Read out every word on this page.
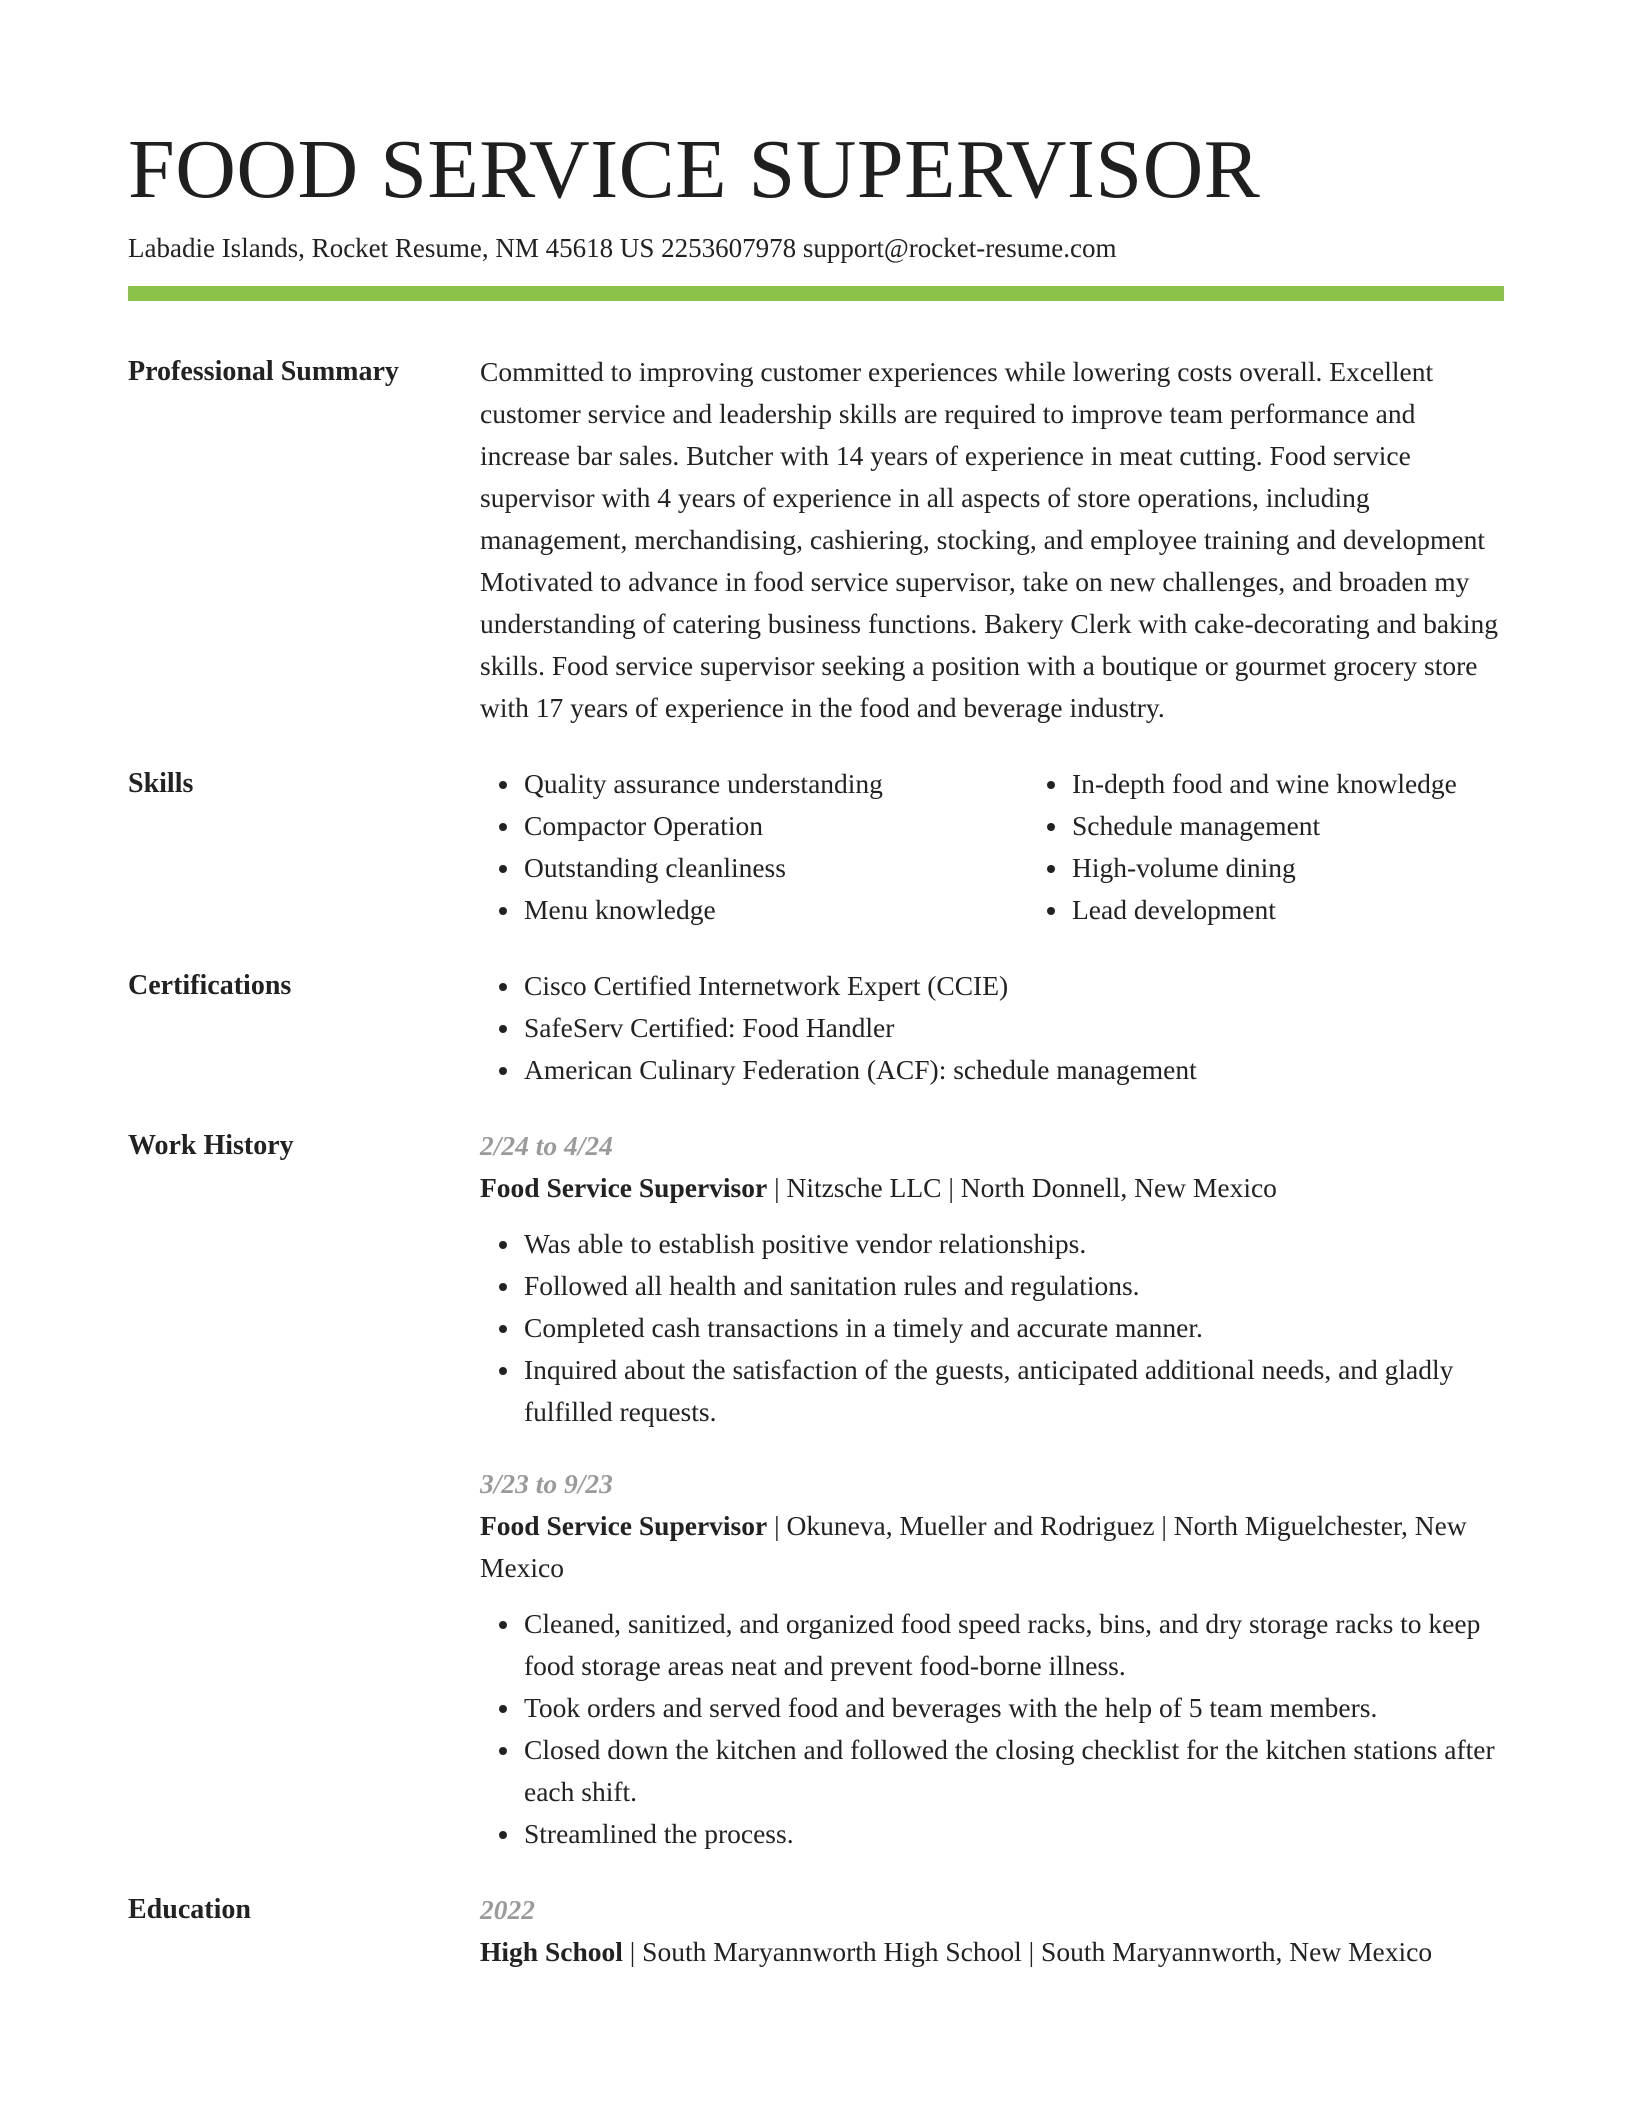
FOOD SERVICE SUPERVISOR
Labadie Islands, Rocket Resume, NM 45618 US 2253607978 support@rocket-resume.com
Professional Summary	Committed to improving customer experiences while lowering costs overall. Excellent customer service and leadership skills are required to improve team performance and increase bar sales. Butcher with 14 years of experience in meat cutting. Food service supervisor with 4 years of experience in all aspects of store operations, including management, merchandising, cashiering, stocking, and employee training and development Motivated to advance in food service supervisor, take on new challenges, and broaden my understanding of catering business functions. Bakery Clerk with cake-decorating and baking skills. Food service supervisor seeking a position with a boutique or gourmet grocery store with 17 years of experience in the food and beverage industry.

Skills	Quality assurance understanding
Compactor Operation
Outstanding cleanliness
Menu knowledge
In-depth food and wine knowledge
Schedule management
High-volume dining
Lead development
Certifications	Cisco Certified Internetwork Expert (CCIE)
SafeServ Certified: Food Handler
American Culinary Federation (ACF): schedule management
Work History	2/24 to 4/24
Food Service Supervisor | Nitzsche LLC | North Donnell, New Mexico
Was able to establish positive vendor relationships.
Followed all health and sanitation rules and regulations.
Completed cash transactions in a timely and accurate manner.
Inquired about the satisfaction of the guests, anticipated additional needs, and gladly fulfilled requests.
3/23 to 9/23
Food Service Supervisor | Okuneva, Mueller and Rodriguez | North Miguelchester, New Mexico
Cleaned, sanitized, and organized food speed racks, bins, and dry storage racks to keep food storage areas neat and prevent food-borne illness.
Took orders and served food and beverages with the help of 5 team members.
Closed down the kitchen and followed the closing checklist for the kitchen stations after each shift.
Streamlined the process.
Education	2022
High School | South Maryannworth High School | South Maryannworth, New Mexico
